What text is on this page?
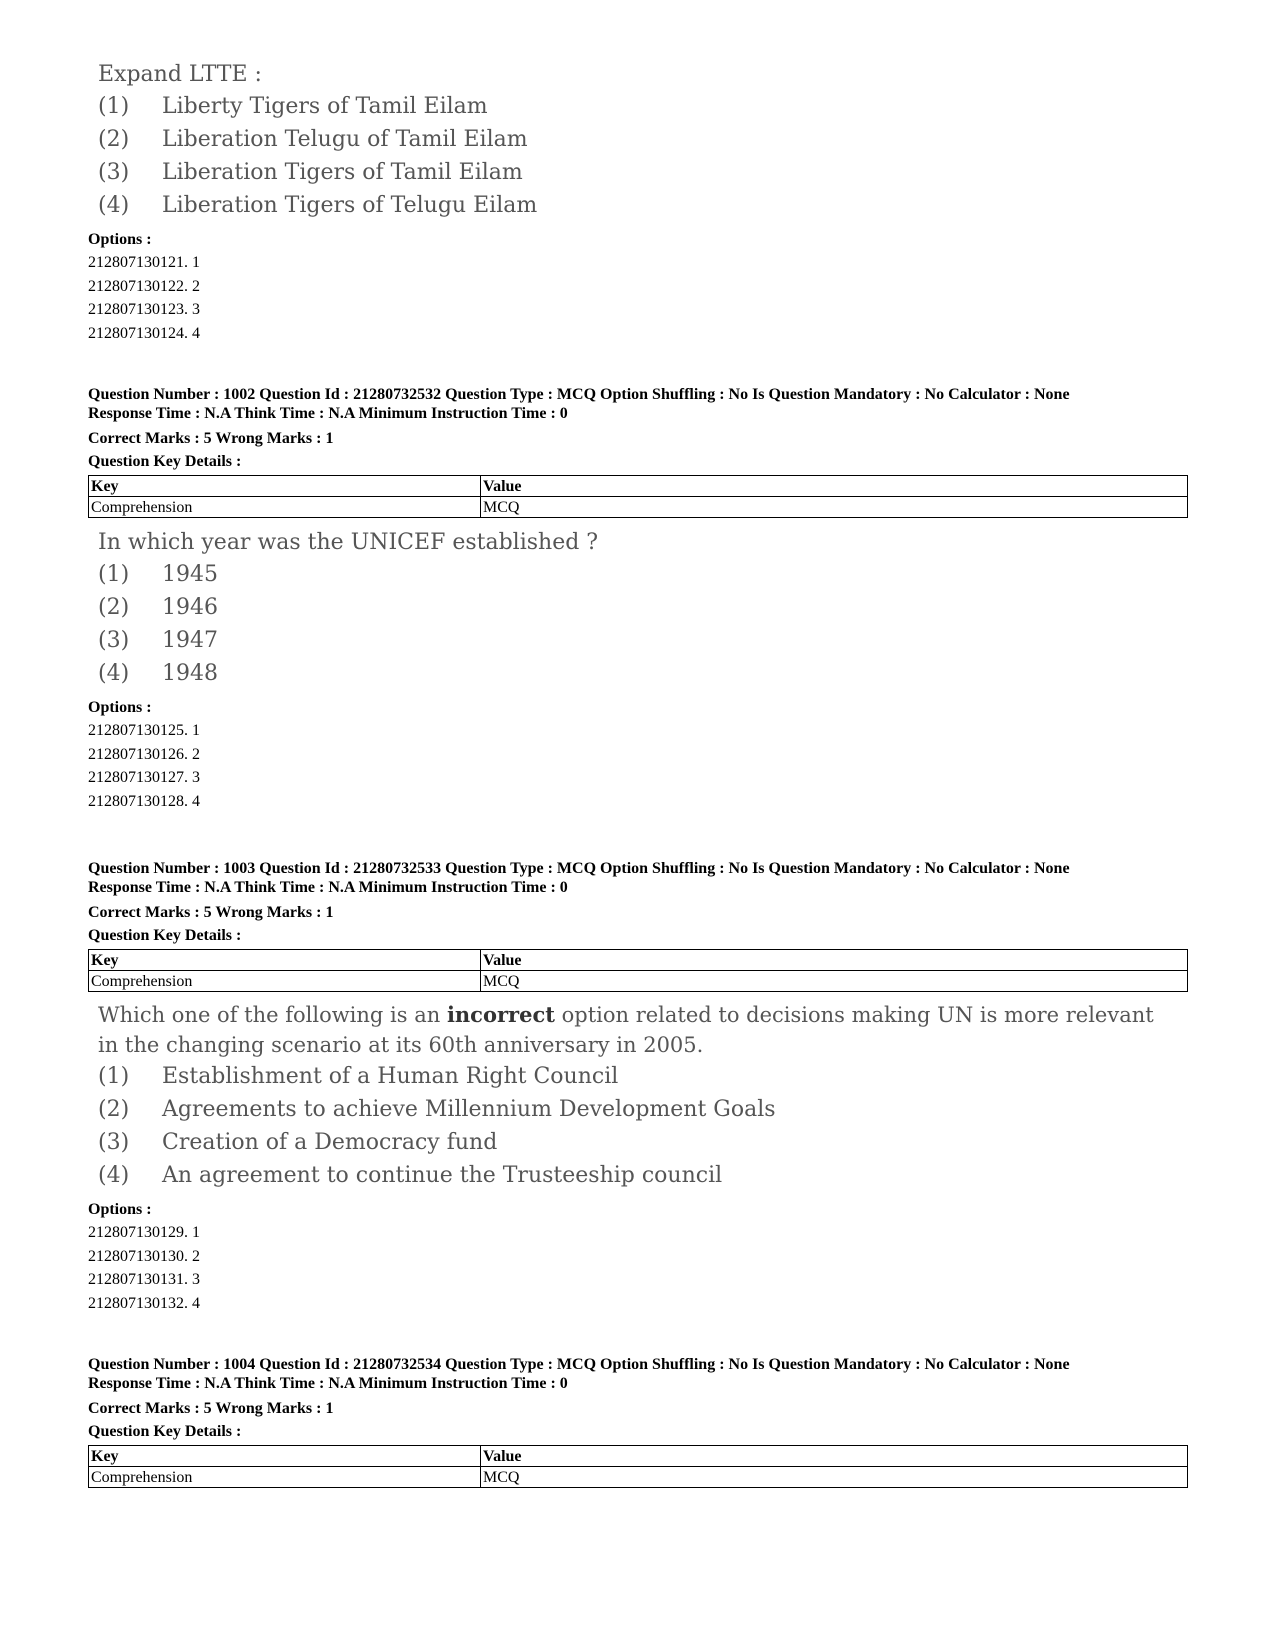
Expand LTTE :
(1)	Liberty Tigers of Tamil Eilam
(2)	Liberation Telugu of Tamil Eilam
(3)	Liberation Tigers of Tamil Eilam
(4)	Liberation Tigers of Telugu Eilam
Options :
212807130121. 1
212807130122. 2
212807130123. 3
212807130124. 4
Question Number : 1002 Question Id : 21280732532 Question Type : MCQ Option Shuffling : No Is Question Mandatory : No Calculator : None
Response Time : N.A Think Time : N.A Minimum Instruction Time : 0
Correct Marks : 5 Wrong Marks : 1
Question Key Details :
Key	Value
Comprehension	MCQ
In which year was the UNICEF established ?
(1)	1945
(2)	1946
(3)	1947
(4)	1948
Options :
212807130125. 1
212807130126. 2
212807130127. 3
212807130128. 4
Question Number : 1003 Question Id : 21280732533 Question Type : MCQ Option Shuffling : No Is Question Mandatory : No Calculator : None
Response Time : N.A Think Time : N.A Minimum Instruction Time : 0
Correct Marks : 5 Wrong Marks : 1
Question Key Details :
Key	Value
Comprehension	MCQ
Which one of the following is an incorrect option related to decisions making UN is more relevant
in the changing scenario at its 60th anniversary in 2005.
(1)	Establishment of a Human Right Council
(2)	Agreements to achieve Millennium Development Goals
(3)	Creation of a Democracy fund
(4)	An agreement to continue the Trusteeship council
Options :
212807130129. 1
212807130130. 2
212807130131. 3
212807130132. 4
Question Number : 1004 Question Id : 21280732534 Question Type : MCQ Option Shuffling : No Is Question Mandatory : No Calculator : None
Response Time : N.A Think Time : N.A Minimum Instruction Time : 0
Correct Marks : 5 Wrong Marks : 1
Question Key Details :
Key	Value
Comprehension	MCQ
